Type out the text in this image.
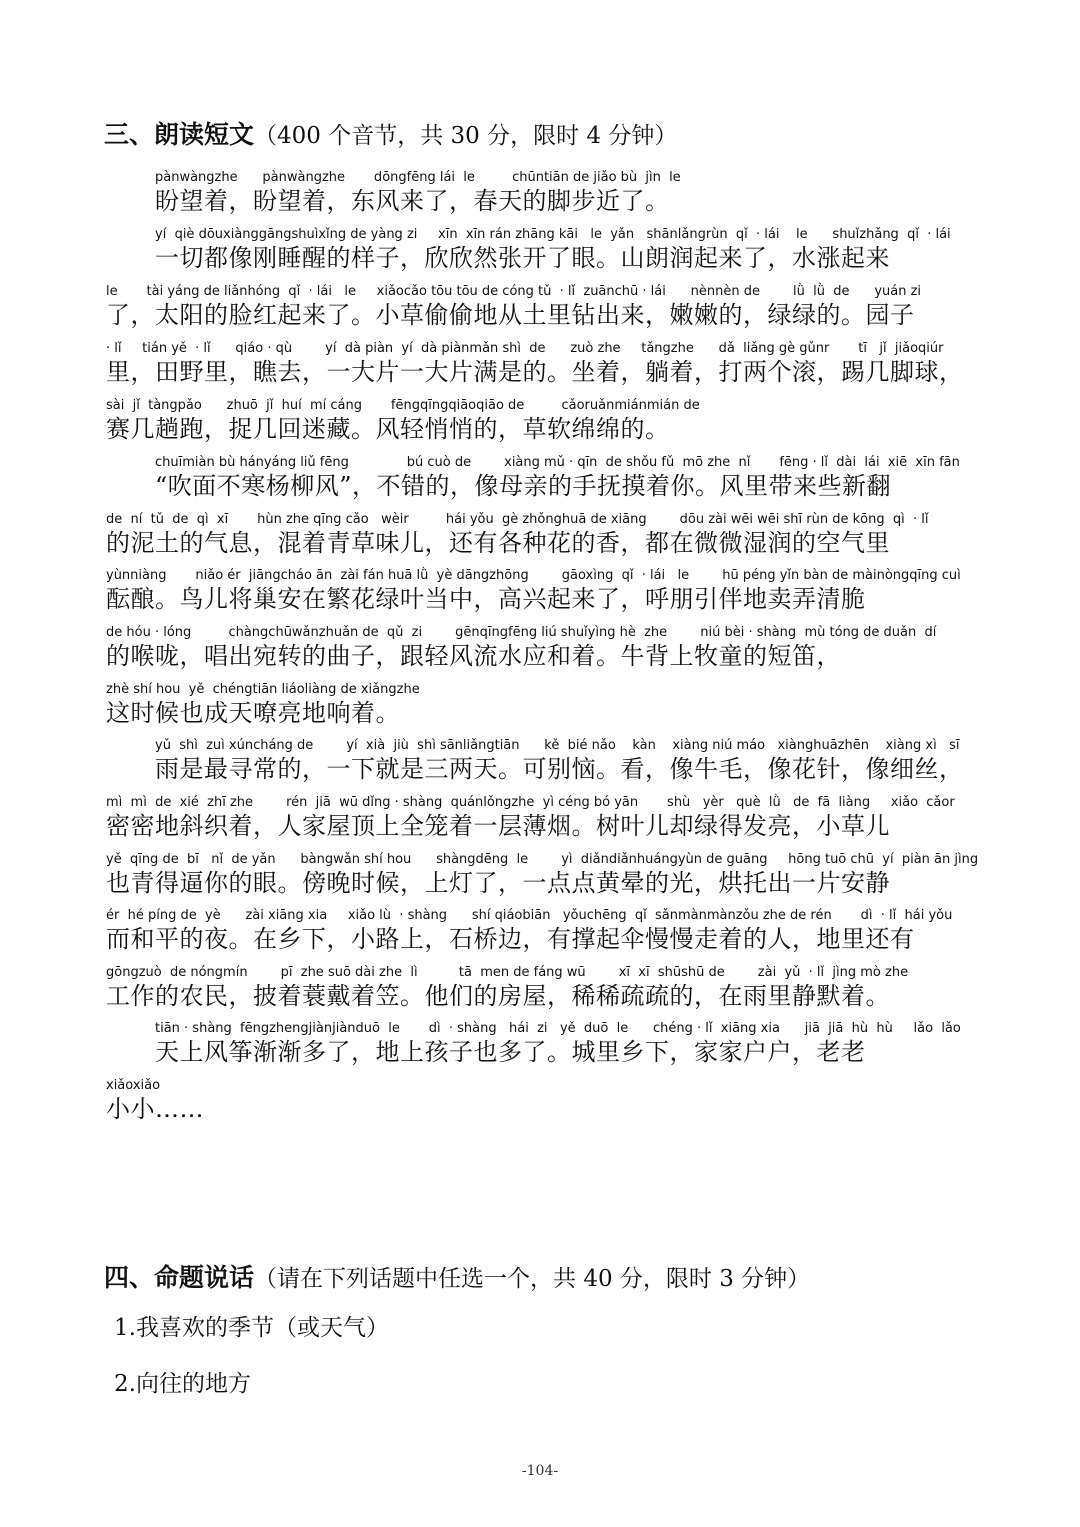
三、朗读短文（400 个音节，共 30 分，限时 4 分钟）
pànwàngzhe      pànwàngzhe       dōngfēng lái  le         chūntiān de jiǎo bù  jìn  le
盼望着，盼望着，东风来了，春天的脚步近了。
yí  qiè dōuxiànggāngshuìxǐng de yàng zi     xīn  xīn rán zhāng kāi   le  yǎn   shānlǎngrùn  qǐ  · lái    le      shuǐzhǎng  qǐ  · lái
一切都像刚睡醒的样子，欣欣然张开了眼。山朗润起来了，水涨起来
le       tài yáng de liǎnhóng  qǐ  · lái   le     xiǎocǎo tōu tōu de cóng tǔ  · lǐ  zuānchū · lái      nènnèn de        lǜ  lǜ  de      yuán zi
了，太阳的脸红起来了。小草偷偷地从土里钻出来，嫩嫩的，绿绿的。园子
· lǐ     tián yě  · lǐ      qiáo · qù        yí  dà piàn  yí  dà piànmǎn shì  de      zuò zhe     tǎngzhe      dǎ  liǎng gè gǔnr       tī   jǐ  jiǎoqiúr
里，田野里，瞧去，一大片一大片满是的。坐着，躺着，打两个滚，踢几脚球，
sài  jǐ  tàngpǎo      zhuō  jǐ  huí  mí cáng       fēngqīngqiāoqiāo de         cǎoruǎnmiánmián de
赛几趟跑，捉几回迷藏。风轻悄悄的，草软绵绵的。
chuīmiàn bù hányáng liǔ fēng              bú cuò de        xiàng mǔ · qīn  de shǒu fǔ  mō zhe  nǐ       fēng · lǐ  dài  lái  xiē  xīn fān
“吹面不寒杨柳风”，不错的，像母亲的手抚摸着你。风里带来些新翻
de  ní  tǔ  de  qì  xī       hùn zhe qīng cǎo   wèir         hái yǒu  gè zhǒnghuā de xiāng        dōu zài wēi wēi shī rùn de kōng  qì  · lǐ
的泥土的气息，混着青草味儿，还有各种花的香，都在微微湿润的空气里
yùnniàng       niǎo ér  jiāngcháo ān  zài fán huā lǜ  yè dāngzhōng        gāoxìng  qǐ  · lái   le        hū péng yǐn bàn de màinòngqīng cuì
酝酿。鸟儿将巢安在繁花绿叶当中，高兴起来了，呼朋引伴地卖弄清脆
de hóu · lóng         chàngchūwǎnzhuǎn de  qǔ  zi        gēnqīngfēng liú shuǐyìng hè  zhe        niú bèi · shàng  mù tóng de duǎn  dí
的喉咙，唱出宛转的曲子，跟轻风流水应和着。牛背上牧童的短笛，
zhè shí hou  yě  chéngtiān liáoliàng de xiǎngzhe
这时候也成天嘹亮地响着。
yǔ  shì  zuì xúncháng de        yí  xià  jiù  shì sānliǎngtiān      kě  bié nǎo    kàn    xiàng niú máo   xiànghuāzhēn    xiàng xì   sī
雨是最寻常的，一下就是三两天。可别恼。看，像牛毛，像花针，像细丝，
mì  mì  de  xié  zhī zhe        rén  jiā  wū dǐng · shàng  quánlǒngzhe  yì céng bó yān       shù   yèr   què  lǜ   de  fā  liàng     xiǎo  cǎor
密密地斜织着，人家屋顶上全笼着一层薄烟。树叶儿却绿得发亮，小草儿
yě  qīng de  bī   nǐ  de yǎn      bàngwǎn shí hou      shàngdēng  le        yì  diǎndiǎnhuángyùn de guāng     hōng tuō chū  yí  piàn ān jìng
也青得逼你的眼。傍晚时候，上灯了，一点点黄晕的光，烘托出一片安静
ér  hé píng de  yè      zài xiāng xia     xiǎo lù  · shàng      shí qiáobiān   yǒuchēng  qǐ  sǎnmànmànzǒu zhe de rén       dì  · lǐ  hái yǒu
而和平的夜。在乡下，小路上，石桥边，有撑起伞慢慢走着的人，地里还有
gōngzuò  de nóngmín        pī  zhe suō dài zhe  lì          tā  men de fáng wū        xī  xī  shūshū de        zài  yǔ  · lǐ  jìng mò zhe
工作的农民，披着蓑戴着笠。他们的房屋，稀稀疏疏的，在雨里静默着。
tiān · shàng  fēngzhengjiànjiànduō  le       dì  · shàng   hái  zi   yě  duō  le      chéng · lǐ  xiāng xia      jiā  jiā  hù  hù     lǎo  lǎo
天上风筝渐渐多了，地上孩子也多了。城里乡下，家家户户，老老
xiǎoxiǎo
小小……
四、命题说话（请在下列话题中任选一个，共 40 分，限时 3 分钟）
1.我喜欢的季节（或天气）
2.向往的地方
-104-
